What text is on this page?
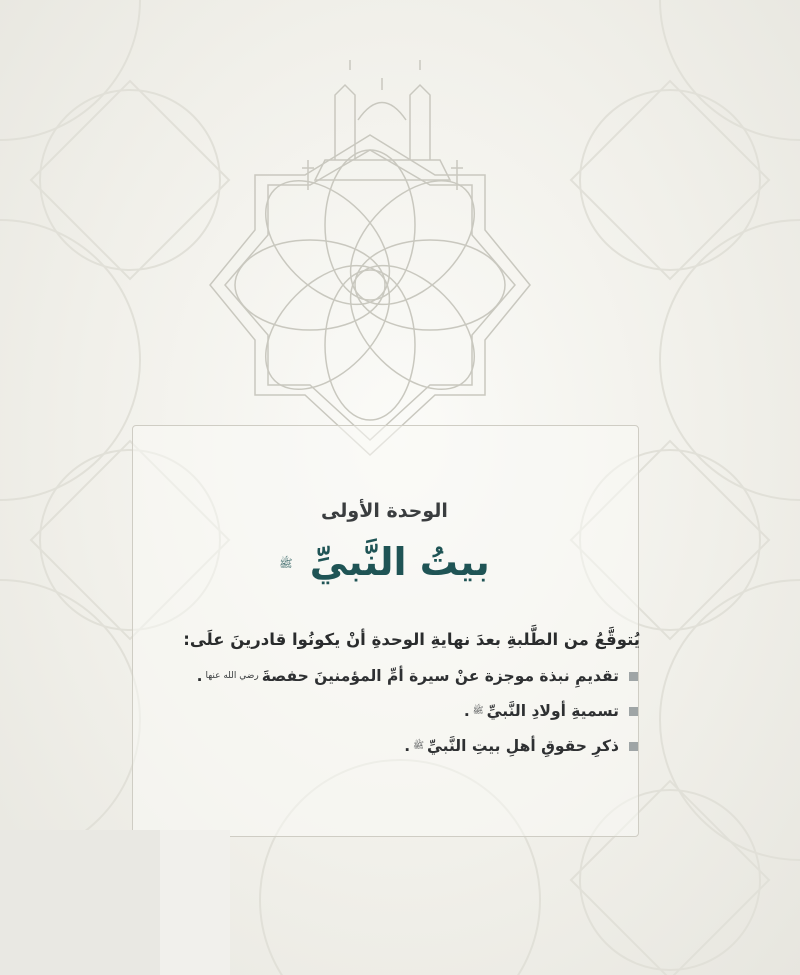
الوحدة الأولى
بيتُ النَّبيِّ ﷺ

يُتوقَّعُ من الطَّلبةِ بعدَ نهايةِ الوحدةِ أنْ يكونُوا قادرينَ علَى:

تقديمِ نبذة موجزة عنْ سيرة أمِّ المؤمنينَ حفصةَ
رضي الله عنها
.
تسميةِ أولادِ النَّبيِّ
ﷺ
.
ذكرِ حقوقِ أهلِ بيتِ النَّبيِّ
ﷺ
.
